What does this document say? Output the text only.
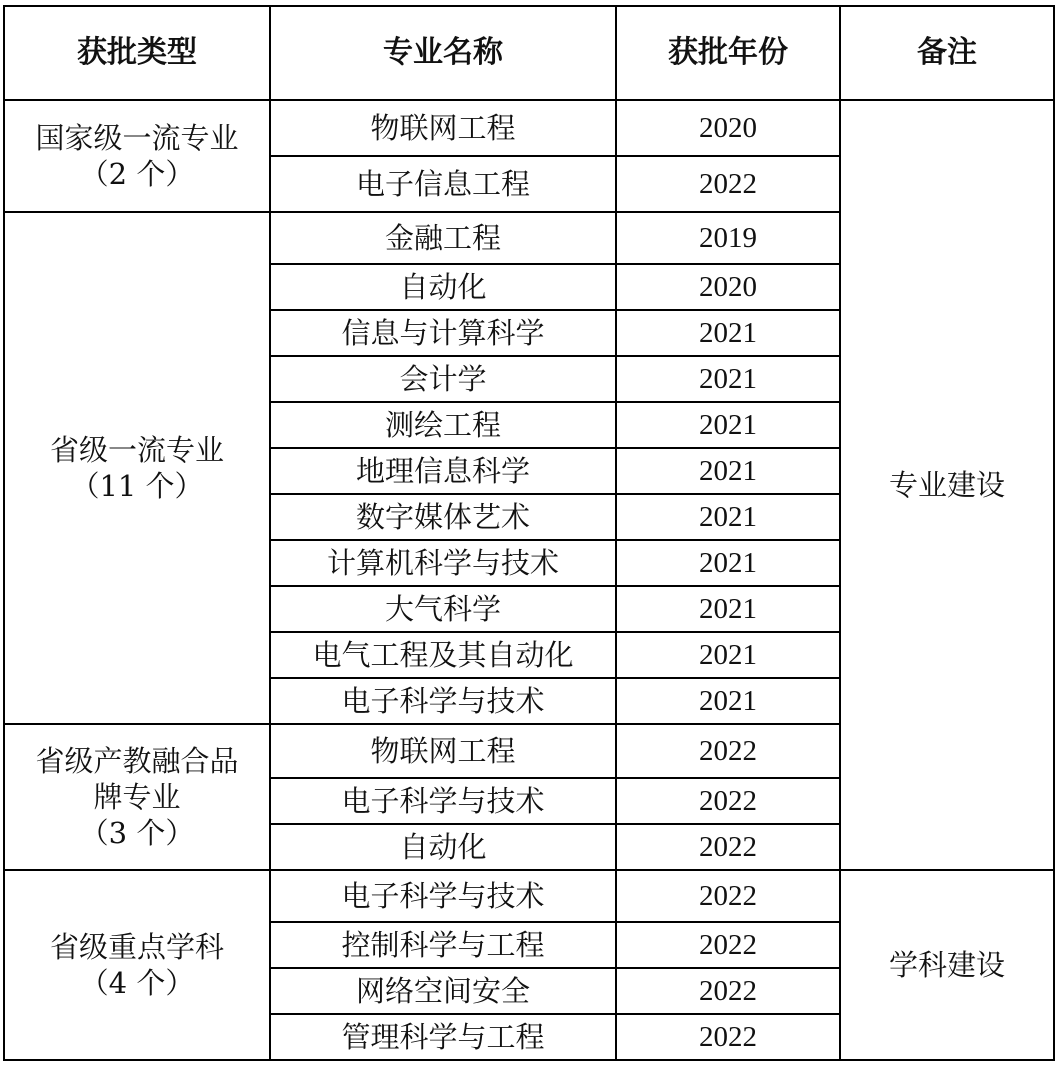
获批类型	专业名称	获批年份	备注

国家级一流专业
（2 个）	物联网工程	2020	专业建设
	电子信息工程	2022	

省级一流专业
（11 个）	金融工程	2019	
	自动化	2020	
	信息与计算科学	2021	
	会计学	2021	
	测绘工程	2021	
	地理信息科学	2021	
	数字媒体艺术	2021	
	计算机科学与技术	2021	
	大气科学	2021	
	电气工程及其自动化	2021	
	电子科学与技术	2021	

省级产教融合品
牌专业
（3 个）	物联网工程	2022	
	电子科学与技术	2022	
	自动化	2022	

省级重点学科
（4 个）	电子科学与技术	2022	学科建设
	控制科学与工程	2022	
	网络空间安全	2022	
	管理科学与工程	2022	
